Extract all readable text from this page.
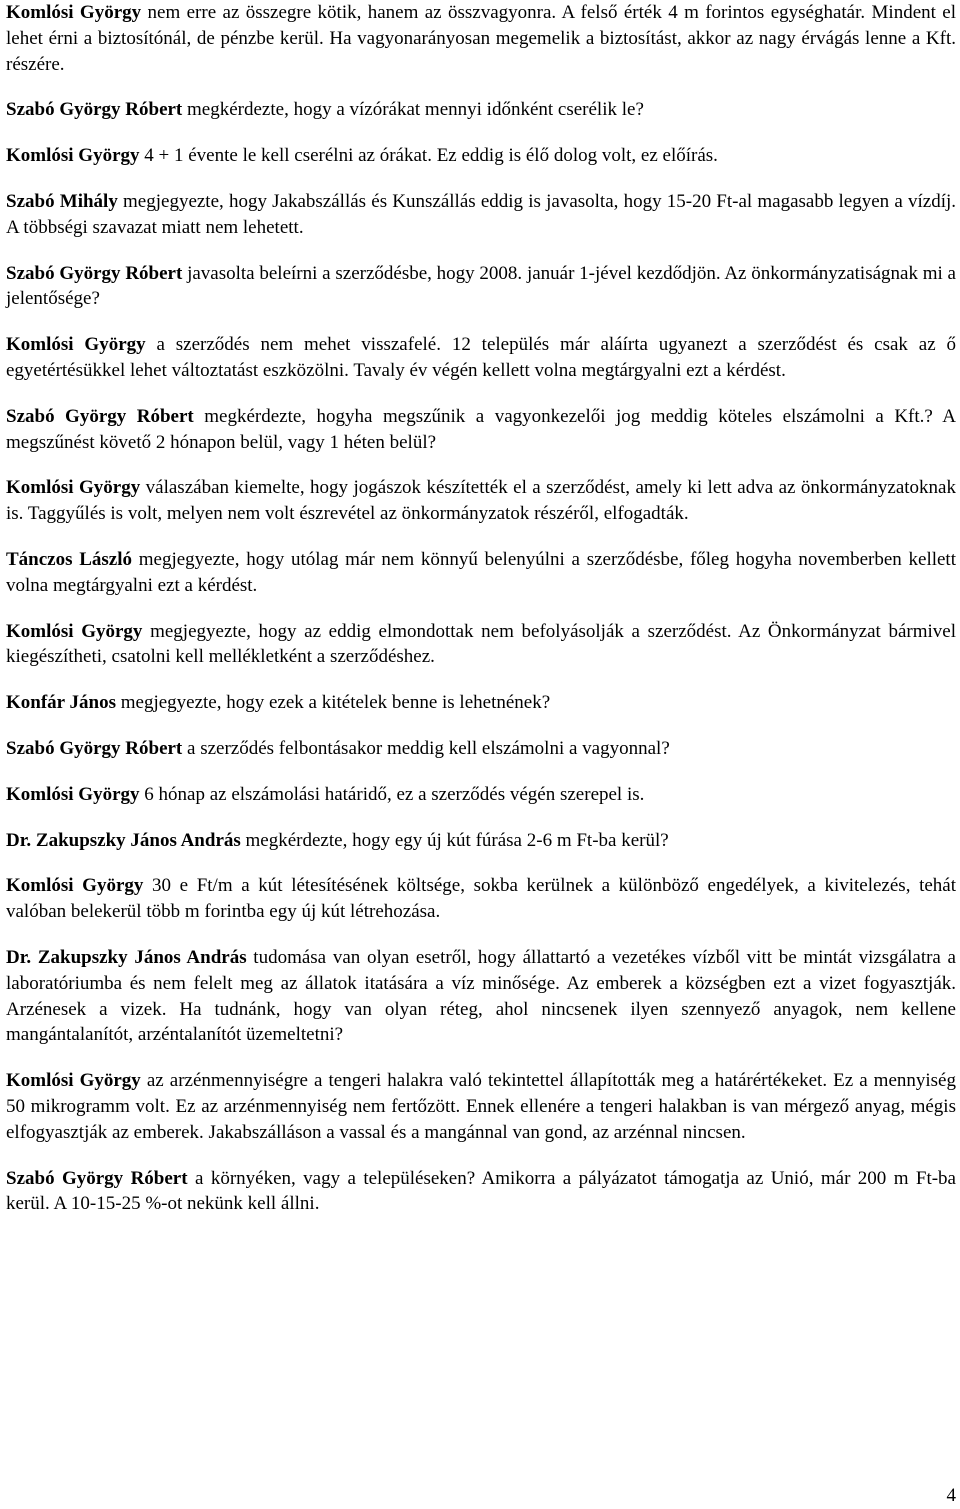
Komlósi György nem erre az összegre kötik, hanem az összvagyonra. A felső érték 4 m forintos egységhatár. Mindent el lehet érni a biztosítónál, de pénzbe kerül. Ha vagyonarányosan megemelik a biztosítást, akkor az nagy érvágás lenne a Kft. részére.

Szabó György Róbert megkérdezte, hogy a vízórákat mennyi időnként cserélik le?

Komlósi György 4 + 1 évente le kell cserélni az órákat. Ez eddig is élő dolog volt, ez előírás.

Szabó Mihály megjegyezte, hogy Jakabszállás és Kunszállás eddig is javasolta, hogy 15-20 Ft-al magasabb legyen a vízdíj. A többségi szavazat miatt nem lehetett.

Szabó György Róbert javasolta beleírni a szerződésbe, hogy 2008. január 1-jével kezdődjön. Az önkormányzatiságnak mi a jelentősége?

Komlósi György a szerződés nem mehet visszafelé. 12 település már aláírta ugyanezt a szerződést és csak az ő egyetértésükkel lehet változtatást eszközölni. Tavaly év végén kellett volna megtárgyalni ezt a kérdést.

Szabó György Róbert megkérdezte, hogyha megszűnik a vagyonkezelői jog meddig köteles elszámolni a Kft.? A megszűnést követő 2 hónapon belül, vagy 1 héten belül?

Komlósi György válaszában kiemelte, hogy jogászok készítették el a szerződést, amely ki lett adva az önkormányzatoknak is. Taggyűlés is volt, melyen nem volt észrevétel az önkormányzatok részéről, elfogadták.

Tánczos László megjegyezte, hogy utólag már nem könnyű belenyúlni a szerződésbe, főleg hogyha novemberben kellett volna megtárgyalni ezt a kérdést.

Komlósi György megjegyezte, hogy az eddig elmondottak nem befolyásolják a szerződést. Az Önkormányzat bármivel kiegészítheti, csatolni kell mellékletként a szerződéshez.

Konfár János megjegyezte, hogy ezek a kitételek benne is lehetnének?

Szabó György Róbert a szerződés felbontásakor meddig kell elszámolni a vagyonnal?

Komlósi György 6 hónap az elszámolási határidő, ez a szerződés végén szerepel is.

Dr. Zakupszky János András megkérdezte, hogy egy új kút fúrása 2-6 m Ft-ba kerül?

Komlósi György 30 e Ft/m a kút létesítésének költsége, sokba kerülnek a különböző engedélyek, a kivitelezés, tehát valóban belekerül több m forintba egy új kút létrehozása.

Dr. Zakupszky János András tudomása van olyan esetről, hogy állattartó a vezetékes vízből vitt be mintát vizsgálatra a laboratóriumba és nem felelt meg az állatok itatására a víz minősége. Az emberek a községben ezt a vizet fogyasztják. Arzénesek a vizek. Ha tudnánk, hogy van olyan réteg, ahol nincsenek ilyen szennyező anyagok, nem kellene mangántalanítót, arzéntalanítót üzemeltetni?

Komlósi György az arzénmennyiségre a tengeri halakra való tekintettel állapították meg a határértékeket. Ez a mennyiség 50 mikrogramm volt. Ez az arzénmennyiség nem fertőzött. Ennek ellenére a tengeri halakban is van mérgező anyag, mégis elfogyasztják az emberek. Jakabszálláson a vassal és a mangánnal van gond, az arzénnal nincsen.

Szabó György Róbert a környéken, vagy a településeken? Amikorra a pályázatot támogatja az Unió, már 200 m Ft-ba kerül. A 10-15-25 %-ot nekünk kell állni.

4
